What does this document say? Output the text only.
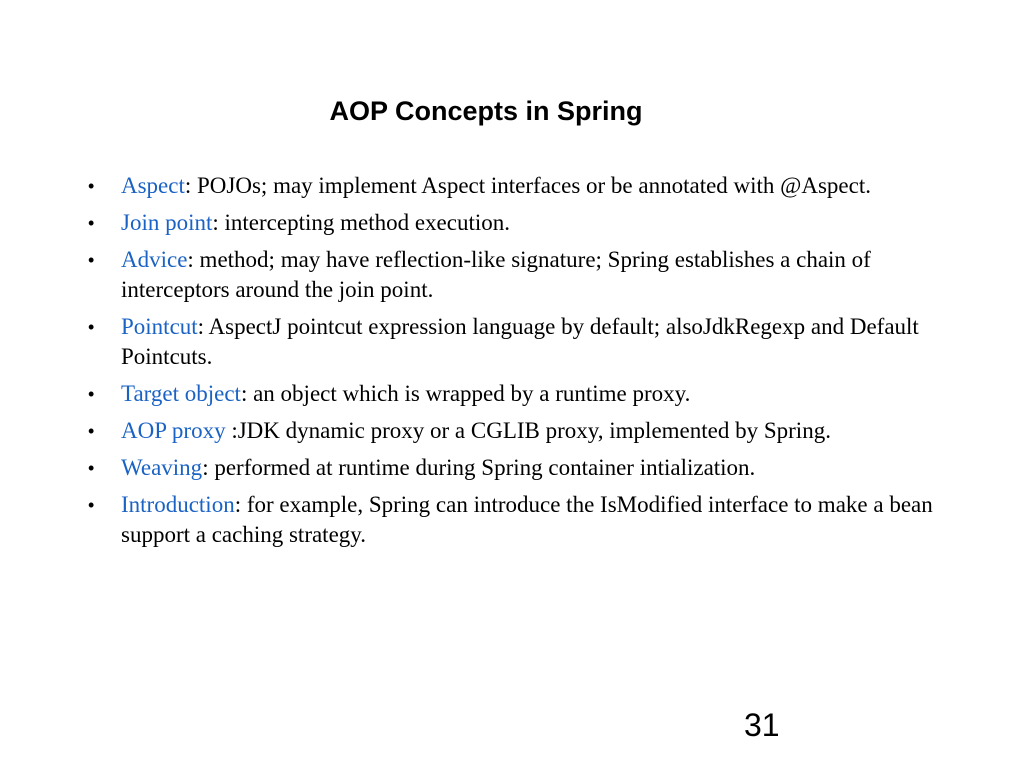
AOP Concepts in Spring
• Aspect: POJOs; may implement Aspect interfaces or be annotated with @Aspect.
• Join point: intercepting method execution.
• Advice: method; may have reflection-like signature; Spring establishes a chain of interceptors around the join point.
• Pointcut: AspectJ pointcut expression language by default; alsoJdkRegexp and Default Pointcuts.
• Target object: an object which is wrapped by a runtime proxy.
• AOP proxy :JDK dynamic proxy or a CGLIB proxy, implemented by Spring.
• Weaving: performed at runtime during Spring container intialization.
• Introduction: for example, Spring can introduce the IsModified interface to make a bean support a caching strategy.
31
